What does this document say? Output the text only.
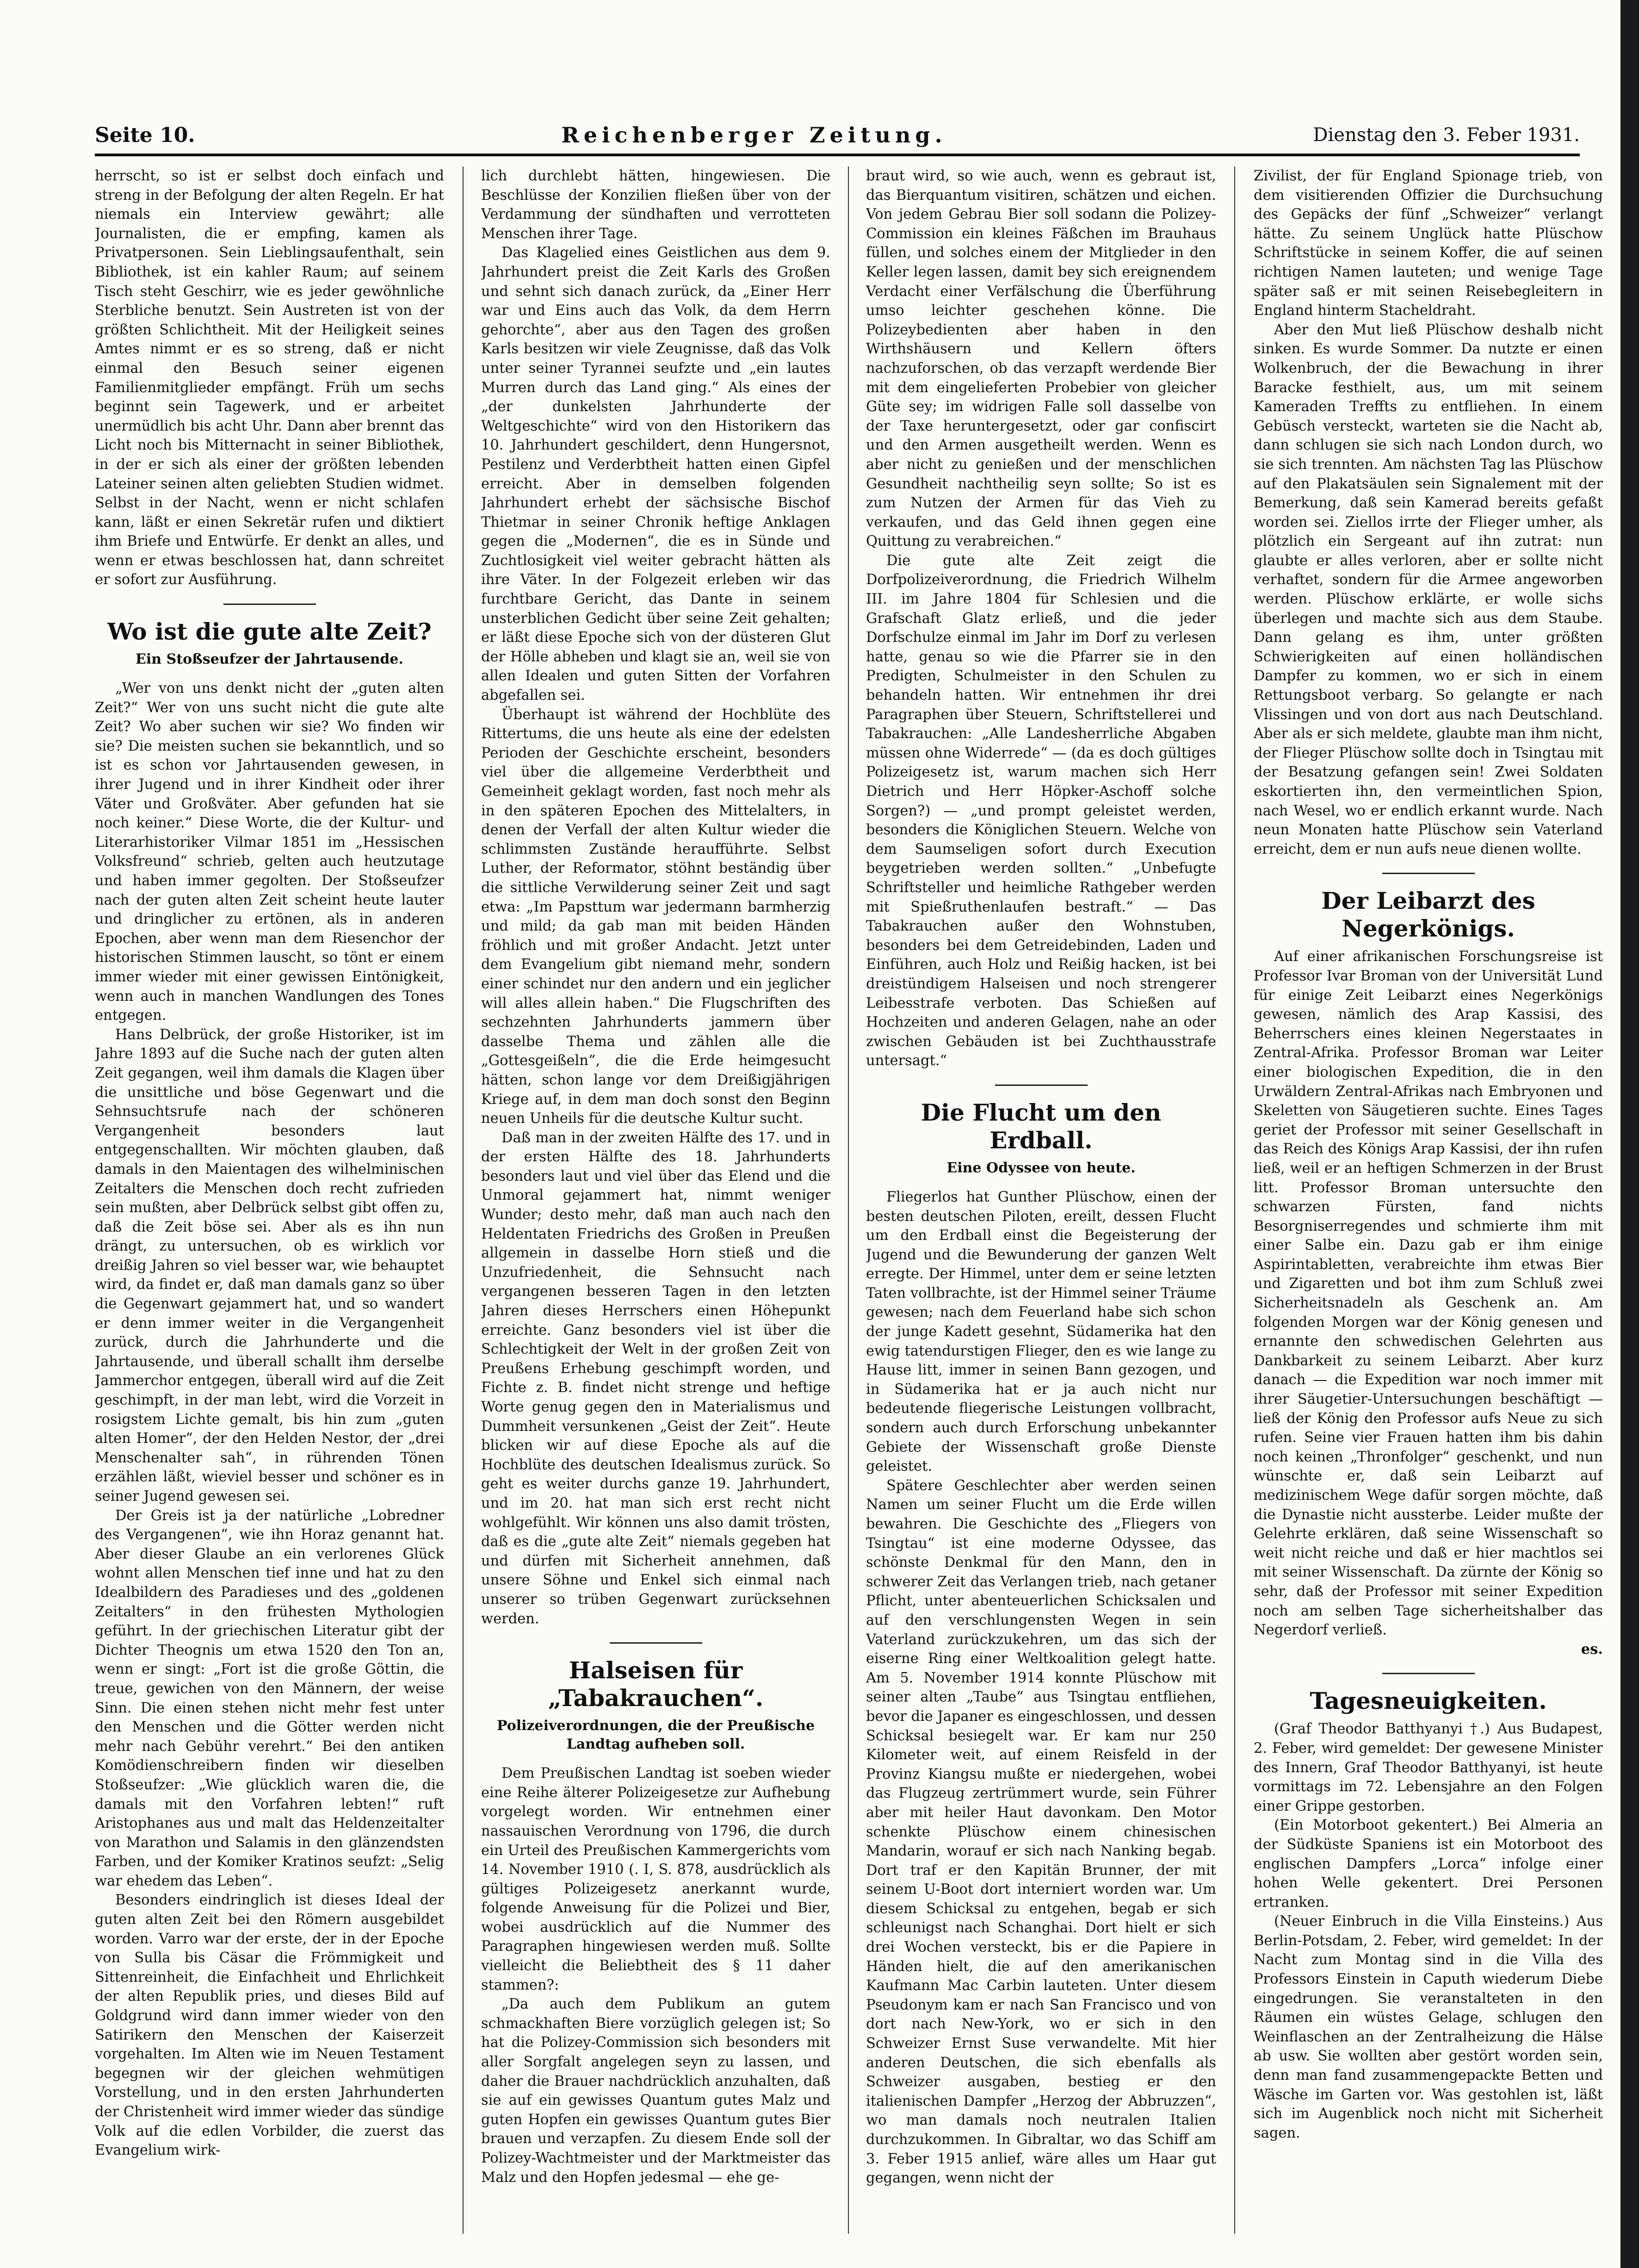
Seite 10.	Reichenberger Zeitung.	Dienstag den 3. Feber 1931.

herrscht, so ist er selbst doch einfach und streng in der Befolgung der alten Regeln. Er hat niemals ein Interview gewährt; alle Journalisten, die er empfing, kamen als Privatpersonen. Sein Lieblingsaufenthalt, sein Bibliothek, ist ein kahler Raum; auf seinem Tisch steht Geschirr, wie es jeder gewöhnliche Sterbliche benutzt. Sein Austreten ist von der größten Schlichtheit. Mit der Heiligkeit seines Amtes nimmt er es so streng, daß er nicht einmal den Besuch seiner eigenen Familienmitglieder empfängt. Früh um sechs beginnt sein Tagewerk, und er arbeitet unermüdlich bis acht Uhr. Dann aber brennt das Licht noch bis Mitternacht in seiner Bibliothek, in der er sich als einer der größten lebenden Lateiner seinen alten geliebten Studien widmet. Selbst in der Nacht, wenn er nicht schlafen kann, läßt er einen Sekretär rufen und diktiert ihm Briefe und Entwürfe. Er denkt an alles, und wenn er etwas beschlossen hat, dann schreitet er sofort zur Ausführung.

Wo ist die gute alte Zeit?
Ein Stoßseufzer der Jahrtausende.

„Wer von uns denkt nicht der „guten alten Zeit?“ Wer von uns sucht nicht die gute alte Zeit? Wo aber suchen wir sie? Wo finden wir sie? Die meisten suchen sie bekanntlich, und so ist es schon vor Jahrtausenden gewesen, in ihrer Jugend und in ihrer Kindheit oder ihrer Väter und Großväter. Aber gefunden hat sie noch keiner.“ Diese Worte, die der Kultur- und Literarhistoriker Vilmar 1851 im „Hessischen Volksfreund“ schrieb, gelten auch heutzutage und haben immer gegolten. Der Stoßseufzer nach der guten alten Zeit scheint heute lauter und dringlicher zu ertönen, als in anderen Epochen, aber wenn man dem Riesenchor der historischen Stimmen lauscht, so tönt er einem immer wieder mit einer gewissen Eintönigkeit, wenn auch in manchen Wandlungen des Tones entgegen.

Hans Delbrück, der große Historiker, ist im Jahre 1893 auf die Suche nach der guten alten Zeit gegangen, weil ihm damals die Klagen über die unsittliche und böse Gegenwart und die Sehnsuchtsrufe nach der schöneren Vergangenheit besonders laut entgegenschallten. Wir möchten glauben, daß damals in den Maientagen des wilhelminischen Zeitalters die Menschen doch recht zufrieden sein mußten, aber Delbrück selbst gibt offen zu, daß die Zeit böse sei. Aber als es ihn nun drängt, zu untersuchen, ob es wirklich vor dreißig Jahren so viel besser war, wie behauptet wird, da findet er, daß man damals ganz so über die Gegenwart gejammert hat, und so wandert er denn immer weiter in die Vergangenheit zurück, durch die Jahrhunderte und die Jahrtausende, und überall schallt ihm derselbe Jammerchor entgegen, überall wird auf die Zeit geschimpft, in der man lebt, wird die Vorzeit in rosigstem Lichte gemalt, bis hin zum „guten alten Homer“, der den Helden Nestor, der „drei Menschenalter sah“, in rührenden Tönen erzählen läßt, wieviel besser und schöner es in seiner Jugend gewesen sei.

Der Greis ist ja der natürliche „Lobredner des Vergangenen“, wie ihn Horaz genannt hat. Aber dieser Glaube an ein verlorenes Glück wohnt allen Menschen tief inne und hat zu den Idealbildern des Paradieses und des „goldenen Zeitalters“ in den frühesten Mythologien geführt. In der griechischen Literatur gibt der Dichter Theognis um etwa 1520 den Ton an, wenn er singt: „Fort ist die große Göttin, die treue, gewichen von den Männern, der weise Sinn. Die einen stehen nicht mehr fest unter den Menschen und die Götter werden nicht mehr nach Gebühr verehrt.“ Bei den antiken Komödienschreibern finden wir dieselben Stoßseufzer: „Wie glücklich waren die, die damals mit den Vorfahren lebten!“ ruft Aristophanes aus und malt das Heldenzeitalter von Marathon und Salamis in den glänzendsten Farben, und der Komiker Kratinos seufzt: „Selig war ehedem das Leben“.

Besonders eindringlich ist dieses Ideal der guten alten Zeit bei den Römern ausgebildet worden. Varro war der erste, der in der Epoche von Sulla bis Cäsar die Frömmigkeit und Sittenreinheit, die Einfachheit und Ehrlichkeit der alten Republik pries, und dieses Bild auf Goldgrund wird dann immer wieder von den Satirikern den Menschen der Kaiserzeit vorgehalten. Im Alten wie im Neuen Testament begegnen wir der gleichen wehmütigen Vorstellung, und in den ersten Jahrhunderten der Christenheit wird immer wieder das sündige Volk auf die edlen Vorbilder, die zuerst das Evangelium wirk-

lich durchlebt hätten, hingewiesen. Die Beschlüsse der Konzilien fließen über von der Verdammung der sündhaften und verrotteten Menschen ihrer Tage.

Das Klagelied eines Geistlichen aus dem 9. Jahrhundert preist die Zeit Karls des Großen und sehnt sich danach zurück, da „Einer Herr war und Eins auch das Volk, da dem Herrn gehorchte“, aber aus den Tagen des großen Karls besitzen wir viele Zeugnisse, daß das Volk unter seiner Tyrannei seufzte und „ein lautes Murren durch das Land ging.“ Als eines der „der dunkelsten Jahrhunderte der Weltgeschichte“ wird von den Historikern das 10. Jahrhundert geschildert, denn Hungersnot, Pestilenz und Verderbtheit hatten einen Gipfel erreicht. Aber in demselben folgenden Jahrhundert erhebt der sächsische Bischof Thietmar in seiner Chronik heftige Anklagen gegen die „Modernen“, die es in Sünde und Zuchtlosigkeit viel weiter gebracht hätten als ihre Väter. In der Folgezeit erleben wir das furchtbare Gericht, das Dante in seinem unsterblichen Gedicht über seine Zeit gehalten; er läßt diese Epoche sich von der düsteren Glut der Hölle abheben und klagt sie an, weil sie von allen Idealen und guten Sitten der Vorfahren abgefallen sei.

Überhaupt ist während der Hochblüte des Rittertums, die uns heute als eine der edelsten Perioden der Geschichte erscheint, besonders viel über die allgemeine Verderbtheit und Gemeinheit geklagt worden, fast noch mehr als in den späteren Epochen des Mittelalters, in denen der Verfall der alten Kultur wieder die schlimmsten Zustände heraufführte. Selbst Luther, der Reformator, stöhnt beständig über die sittliche Verwilderung seiner Zeit und sagt etwa: „Im Papsttum war jedermann barmherzig und mild; da gab man mit beiden Händen fröhlich und mit großer Andacht. Jetzt unter dem Evangelium gibt niemand mehr, sondern einer schindet nur den andern und ein jeglicher will alles allein haben.“ Die Flugschriften des sechzehnten Jahrhunderts jammern über dasselbe Thema und zählen alle die „Gottesgeißeln“, die die Erde heimgesucht hätten, schon lange vor dem Dreißigjährigen Kriege auf, in dem man doch sonst den Beginn neuen Unheils für die deutsche Kultur sucht.

Daß man in der zweiten Hälfte des 17. und in der ersten Hälfte des 18. Jahrhunderts besonders laut und viel über das Elend und die Unmoral gejammert hat, nimmt weniger Wunder; desto mehr, daß man auch nach den Heldentaten Friedrichs des Großen in Preußen allgemein in dasselbe Horn stieß und die Unzufriedenheit, die Sehnsucht nach vergangenen besseren Tagen in den letzten Jahren dieses Herrschers einen Höhepunkt erreichte. Ganz besonders viel ist über die Schlechtigkeit der Welt in der großen Zeit von Preußens Erhebung geschimpft worden, und Fichte z. B. findet nicht strenge und heftige Worte genug gegen den in Materialismus und Dummheit versunkenen „Geist der Zeit“. Heute blicken wir auf diese Epoche als auf die Hochblüte des deutschen Idealismus zurück. So geht es weiter durchs ganze 19. Jahrhundert, und im 20. hat man sich erst recht nicht wohlgefühlt. Wir können uns also damit trösten, daß es die „gute alte Zeit“ niemals gegeben hat und dürfen mit Sicherheit annehmen, daß unsere Söhne und Enkel sich einmal nach unserer so trüben Gegenwart zurücksehnen werden.

Halseisen für „Tabakrauchen“.
Polizeiverordnungen, die der Preußische Landtag aufheben soll.

Dem Preußischen Landtag ist soeben wieder eine Reihe älterer Polizeigesetze zur Aufhebung vorgelegt worden. Wir entnehmen einer nassauischen Verordnung von 1796, die durch ein Urteil des Preußischen Kammergerichts vom 14. November 1910 (. I, S. 878, ausdrücklich als gültiges Polizeigesetz anerkannt wurde, folgende Anweisung für die Polizei und Bier, wobei ausdrücklich auf die Nummer des Paragraphen hingewiesen werden muß. Sollte vielleicht die Beliebtheit des § 11 daher stammen?:

„Da auch dem Publikum an gutem schmackhaften Biere vorzüglich gelegen ist; So hat die Polizey-Commission sich besonders mit aller Sorgfalt angelegen seyn zu lassen, und daher die Brauer nachdrücklich anzuhalten, daß sie auf ein gewisses Quantum gutes Malz und guten Hopfen ein gewisses Quantum gutes Bier brauen und verzapfen. Zu diesem Ende soll der Polizey-Wachtmeister und der Marktmeister das Malz und den Hopfen jedesmal — ehe ge-

braut wird, so wie auch, wenn es gebraut ist, das Bierquantum visitiren, schätzen und eichen. Von jedem Gebrau Bier soll sodann die Polizey-Commission ein kleines Fäßchen im Brauhaus füllen, und solches einem der Mitglieder in den Keller legen lassen, damit bey sich ereignendem Verdacht einer Verfälschung die Überführung umso leichter geschehen könne. Die Polizeybedienten aber haben in den Wirthshäusern und Kellern öfters nachzuforschen, ob das verzapft werdende Bier mit dem eingelieferten Probebier von gleicher Güte sey; im widrigen Falle soll dasselbe von der Taxe heruntergesetzt, oder gar confiscirt und den Armen ausgetheilt werden. Wenn es aber nicht zu genießen und der menschlichen Gesundheit nachtheilig seyn sollte; So ist es zum Nutzen der Armen für das Vieh zu verkaufen, und das Geld ihnen gegen eine Quittung zu verabreichen.“

Die gute alte Zeit zeigt die Dorfpolizeiverordnung, die Friedrich Wilhelm III. im Jahre 1804 für Schlesien und die Grafschaft Glatz erließ, und die jeder Dorfschulze einmal im Jahr im Dorf zu verlesen hatte, genau so wie die Pfarrer sie in den Predigten, Schulmeister in den Schulen zu behandeln hatten. Wir entnehmen ihr drei Paragraphen über Steuern, Schriftstellerei und Tabakrauchen: „Alle Landesherrliche Abgaben müssen ohne Widerrede“ — (da es doch gültiges Polizeigesetz ist, warum machen sich Herr Dietrich und Herr Höpker-Aschoff solche Sorgen?) — „und prompt geleistet werden, besonders die Königlichen Steuern. Welche von dem Saumseligen sofort durch Execution beygetrieben werden sollten.“ „Unbefugte Schriftsteller und heimliche Rathgeber werden mit Spießruthenlaufen bestraft.“ — Das Tabakrauchen außer den Wohnstuben, besonders bei dem Getreidebinden, Laden und Einführen, auch Holz und Reißig hacken, ist bei dreistündigem Halseisen und noch strengerer Leibesstrafe verboten. Das Schießen auf Hochzeiten und anderen Gelagen, nahe an oder zwischen Gebäuden ist bei Zuchthausstrafe untersagt.“

Die Flucht um den Erdball.
Eine Odyssee von heute.

Fliegerlos hat Gunther Plüschow, einen der besten deutschen Piloten, ereilt, dessen Flucht um den Erdball einst die Begeisterung der Jugend und die Bewunderung der ganzen Welt erregte. Der Himmel, unter dem er seine letzten Taten vollbrachte, ist der Himmel seiner Träume gewesen; nach dem Feuerland habe sich schon der junge Kadett gesehnt, Südamerika hat den ewig tatendurstigen Flieger, den es wie lange zu Hause litt, immer in seinen Bann gezogen, und in Südamerika hat er ja auch nicht nur bedeutende fliegerische Leistungen vollbracht, sondern auch durch Erforschung unbekannter Gebiete der Wissenschaft große Dienste geleistet.

Spätere Geschlechter aber werden seinen Namen um seiner Flucht um die Erde willen bewahren. Die Geschichte des „Fliegers von Tsingtau“ ist eine moderne Odyssee, das schönste Denkmal für den Mann, den in schwerer Zeit das Verlangen trieb, nach getaner Pflicht, unter abenteuerlichen Schicksalen und auf den verschlungensten Wegen in sein Vaterland zurückzukehren, um das sich der eiserne Ring einer Weltkoalition gelegt hatte. Am 5. November 1914 konnte Plüschow mit seiner alten „Taube“ aus Tsingtau entfliehen, bevor die Japaner es eingeschlossen, und dessen Schicksal besiegelt war. Er kam nur 250 Kilometer weit, auf einem Reisfeld in der Provinz Kiangsu mußte er niedergehen, wobei das Flugzeug zertrümmert wurde, sein Führer aber mit heiler Haut davonkam. Den Motor schenkte Plüschow einem chinesischen Mandarin, worauf er sich nach Nanking begab. Dort traf er den Kapitän Brunner, der mit seinem U-Boot dort interniert worden war. Um diesem Schicksal zu entgehen, begab er sich schleunigst nach Schanghai. Dort hielt er sich drei Wochen versteckt, bis er die Papiere in Händen hielt, die auf den amerikanischen Kaufmann Mac Carbin lauteten. Unter diesem Pseudonym kam er nach San Francisco und von dort nach New-York, wo er sich in den Schweizer Ernst Suse verwandelte. Mit hier anderen Deutschen, die sich ebenfalls als Schweizer ausgaben, bestieg er den italienischen Dampfer „Herzog der Abbruzzen“, wo man damals noch neutralen Italien durchzukommen. In Gibraltar, wo das Schiff am 3. Feber 1915 anlief, wäre alles um Haar gut gegangen, wenn nicht der

Zivilist, der für England Spionage trieb, von dem visitierenden Offizier die Durchsuchung des Gepäcks der fünf „Schweizer“ verlangt hätte. Zu seinem Unglück hatte Plüschow Schriftstücke in seinem Koffer, die auf seinen richtigen Namen lauteten; und wenige Tage später saß er mit seinen Reisebegleitern in England hinterm Stacheldraht.

Aber den Mut ließ Plüschow deshalb nicht sinken. Es wurde Sommer. Da nutzte er einen Wolkenbruch, der die Bewachung in ihrer Baracke festhielt, aus, um mit seinem Kameraden Treffts zu entfliehen. In einem Gebüsch versteckt, warteten sie die Nacht ab, dann schlugen sie sich nach London durch, wo sie sich trennten. Am nächsten Tag las Plüschow auf den Plakatsäulen sein Signalement mit der Bemerkung, daß sein Kamerad bereits gefaßt worden sei. Ziellos irrte der Flieger umher, als plötzlich ein Sergeant auf ihn zutrat: nun glaubte er alles verloren, aber er sollte nicht verhaftet, sondern für die Armee angeworben werden. Plüschow erklärte, er wolle sichs überlegen und machte sich aus dem Staube. Dann gelang es ihm, unter größten Schwierigkeiten auf einen holländischen Dampfer zu kommen, wo er sich in einem Rettungsboot verbarg. So gelangte er nach Vlissingen und von dort aus nach Deutschland. Aber als er sich meldete, glaubte man ihm nicht, der Flieger Plüschow sollte doch in Tsingtau mit der Besatzung gefangen sein! Zwei Soldaten eskortierten ihn, den vermeintlichen Spion, nach Wesel, wo er endlich erkannt wurde. Nach neun Monaten hatte Plüschow sein Vaterland erreicht, dem er nun aufs neue dienen wollte.

Der Leibarzt des Negerkönigs.

Auf einer afrikanischen Forschungsreise ist Professor Ivar Broman von der Universität Lund für einige Zeit Leibarzt eines Negerkönigs gewesen, nämlich des Arap Kassisi, des Beherrschers eines kleinen Negerstaates in Zentral-Afrika. Professor Broman war Leiter einer biologischen Expedition, die in den Urwäldern Zentral-Afrikas nach Embryonen und Skeletten von Säugetieren suchte. Eines Tages geriet der Professor mit seiner Gesellschaft in das Reich des Königs Arap Kassisi, der ihn rufen ließ, weil er an heftigen Schmerzen in der Brust litt. Professor Broman untersuchte den schwarzen Fürsten, fand nichts Besorgniserregendes und schmierte ihm mit einer Salbe ein. Dazu gab er ihm einige Aspirintabletten, verabreichte ihm etwas Bier und Zigaretten und bot ihm zum Schluß zwei Sicherheitsnadeln als Geschenk an. Am folgenden Morgen war der König genesen und ernannte den schwedischen Gelehrten aus Dankbarkeit zu seinem Leibarzt. Aber kurz danach — die Expedition war noch immer mit ihrer Säugetier-Untersuchungen beschäftigt — ließ der König den Professor aufs Neue zu sich rufen. Seine vier Frauen hatten ihm bis dahin noch keinen „Thronfolger“ geschenkt, und nun wünschte er, daß sein Leibarzt auf medizinischem Wege dafür sorgen möchte, daß die Dynastie nicht aussterbe. Leider mußte der Gelehrte erklären, daß seine Wissenschaft so weit nicht reiche und daß er hier machtlos sei mit seiner Wissenschaft. Da zürnte der König so sehr, daß der Professor mit seiner Expedition noch am selben Tage sicherheitshalber das Negerdorf verließ.

es.

Tagesneuigkeiten.

(Graf Theodor Batthyanyi †.) Aus Budapest, 2. Feber, wird gemeldet: Der gewesene Minister des Innern, Graf Theodor Batthyanyi, ist heute vormittags im 72. Lebensjahre an den Folgen einer Grippe gestorben.

(Ein Motorboot gekentert.) Bei Almeria an der Südküste Spaniens ist ein Motorboot des englischen Dampfers „Lorca“ infolge einer hohen Welle gekentert. Drei Personen ertranken.

(Neuer Einbruch in die Villa Einsteins.) Aus Berlin-Potsdam, 2. Feber, wird gemeldet: In der Nacht zum Montag sind in die Villa des Professors Einstein in Caputh wiederum Diebe eingedrungen. Sie veranstalteten in den Räumen ein wüstes Gelage, schlugen den Weinflaschen an der Zentralheizung die Hälse ab usw. Sie wollten aber gestört worden sein, denn man fand zusammengepackte Betten und Wäsche im Garten vor. Was gestohlen ist, läßt sich im Augenblick noch nicht mit Sicherheit sagen.
